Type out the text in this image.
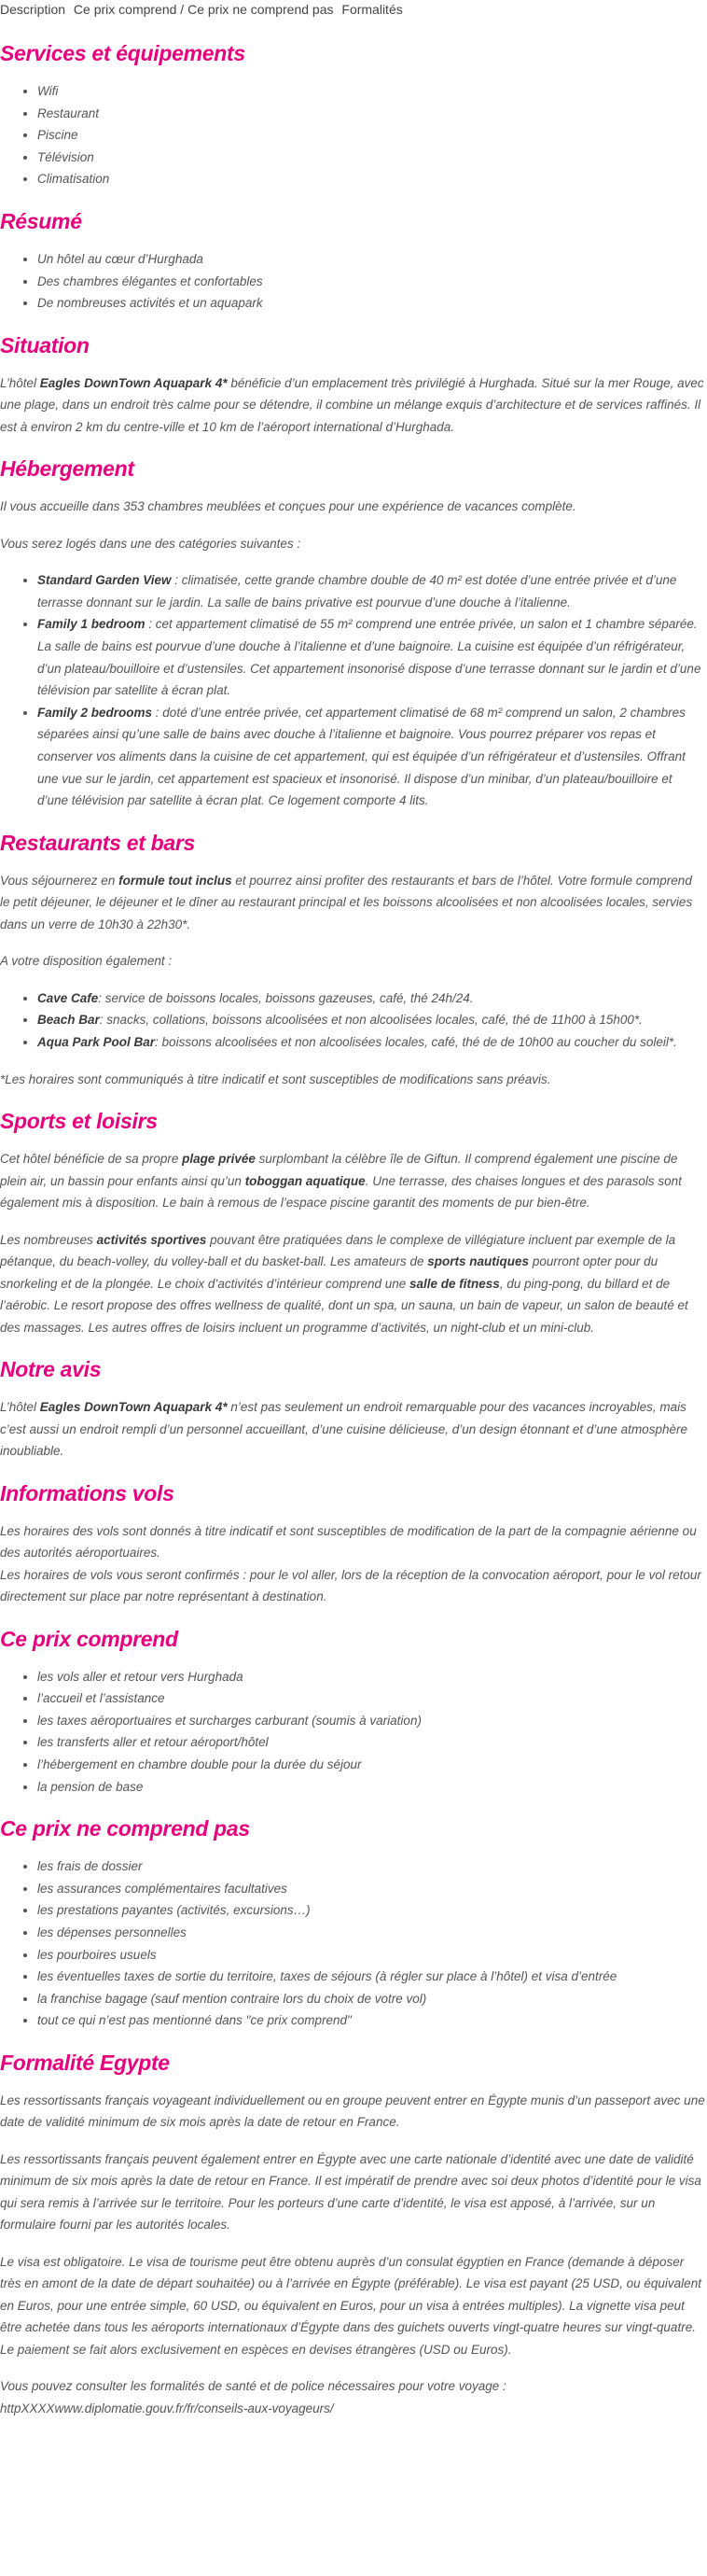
Description Ce prix comprend / Ce prix ne comprend pas Formalités
Services et équipements
• Wifi
• Restaurant
• Piscine
• Télévision
• Climatisation
Résumé
• Un hôtel au cœur d’Hurghada
• Des chambres élégantes et confortables
• De nombreuses activités et un aquapark
Situation

L’hôtel Eagles DownTown Aquapark 4* bénéficie d’un emplacement très privilégié à Hurghada. Situé sur la mer Rouge, avec une plage, dans un endroit très calme pour se détendre, il combine un mélange exquis d’architecture et de services raffinés. Il est à environ 2 km du centre-ville et 10 km de l’aéroport international d’Hurghada.

Hébergement

Il vous accueille dans 353 chambres meublées et conçues pour une expérience de vacances complète.

Vous serez logés dans une des catégories suivantes :

• Standard Garden View : climatisée, cette grande chambre double de 40 m² est dotée d’une entrée privée et d’une terrasse donnant sur le jardin. La salle de bains privative est pourvue d’une douche à l’italienne.
• Family 1 bedroom : cet appartement climatisé de 55 m² comprend une entrée privée, un salon et 1 chambre séparée. La salle de bains est pourvue d’une douche à l’italienne et d’une baignoire. La cuisine est équipée d’un réfrigérateur, d’un plateau/bouilloire et d’ustensiles. Cet appartement insonorisé dispose d’une terrasse donnant sur le jardin et d’une télévision par satellite à écran plat.
• Family 2 bedrooms : doté d’une entrée privée, cet appartement climatisé de 68 m² comprend un salon, 2 chambres séparées ainsi qu’une salle de bains avec douche à l’italienne et baignoire. Vous pourrez préparer vos repas et conserver vos aliments dans la cuisine de cet appartement, qui est équipée d’un réfrigérateur et d’ustensiles. Offrant une vue sur le jardin, cet appartement est spacieux et insonorisé. Il dispose d’un minibar, d’un plateau/bouilloire et d’une télévision par satellite à écran plat. Ce logement comporte 4 lits.
Restaurants et bars

Vous séjournerez en formule tout inclus et pourrez ainsi profiter des restaurants et bars de l’hôtel. Votre formule comprend le petit déjeuner, le déjeuner et le dîner au restaurant principal et les boissons alcoolisées et non alcoolisées locales, servies dans un verre de 10h30 à 22h30*.

A votre disposition également :

• Cave Cafe: service de boissons locales, boissons gazeuses, café, thé 24h/24.
• Beach Bar: snacks, collations, boissons alcoolisées et non alcoolisées locales, café, thé de 11h00 à 15h00*.
• Aqua Park Pool Bar: boissons alcoolisées et non alcoolisées locales, café, thé de de 10h00 au coucher du soleil*.

*Les horaires sont communiqués à titre indicatif et sont susceptibles de modifications sans préavis.

Sports et loisirs

Cet hôtel bénéficie de sa propre plage privée surplombant la célèbre île de Giftun. Il comprend également une piscine de plein air, un bassin pour enfants ainsi qu’un toboggan aquatique. Une terrasse, des chaises longues et des parasols sont également mis à disposition. Le bain à remous de l’espace piscine garantit des moments de pur bien-être.

Les nombreuses activités sportives pouvant être pratiquées dans le complexe de villégiature incluent par exemple de la pétanque, du beach-volley, du volley-ball et du basket-ball. Les amateurs de sports nautiques pourront opter pour du snorkeling et de la plongée. Le choix d’activités d’intérieur comprend une salle de fitness, du ping-pong, du billard et de l’aérobic. Le resort propose des offres wellness de qualité, dont un spa, un sauna, un bain de vapeur, un salon de beauté et des massages. Les autres offres de loisirs incluent un programme d’activités, un night-club et un mini-club.

Notre avis

L’hôtel Eagles DownTown Aquapark 4* n’est pas seulement un endroit remarquable pour des vacances incroyables, mais c’est aussi un endroit rempli d’un personnel accueillant, d’une cuisine délicieuse, d’un design étonnant et d’une atmosphère inoubliable.

Informations vols

Les horaires des vols sont donnés à titre indicatif et sont susceptibles de modification de la part de la compagnie aérienne ou des autorités aéroportuaires.
Les horaires de vols vous seront confirmés : pour le vol aller, lors de la réception de la convocation aéroport, pour le vol retour directement sur place par notre représentant à destination.

Ce prix comprend
• les vols aller et retour vers Hurghada
• l’accueil et l’assistance
• les taxes aéroportuaires et surcharges carburant (soumis à variation)
• les transferts aller et retour aéroport/hôtel
• l’hébergement en chambre double pour la durée du séjour
• la pension de base
Ce prix ne comprend pas
• les frais de dossier
• les assurances complémentaires facultatives
• les prestations payantes (activités, excursions…)
• les dépenses personnelles
• les pourboires usuels
• les éventuelles taxes de sortie du territoire, taxes de séjours (à régler sur place à l’hôtel) et visa d’entrée
• la franchise bagage (sauf mention contraire lors du choix de votre vol)
• tout ce qui n’est pas mentionné dans "ce prix comprend"
Formalité Egypte

Les ressortissants français voyageant individuellement ou en groupe peuvent entrer en Égypte munis d’un passeport avec une date de validité minimum de six mois après la date de retour en France.

Les ressortissants français peuvent également entrer en Égypte avec une carte nationale d’identité avec une date de validité minimum de six mois après la date de retour en France. Il est impératif de prendre avec soi deux photos d’identité pour le visa qui sera remis à l’arrivée sur le territoire. Pour les porteurs d’une carte d’identité, le visa est apposé, à l’arrivée, sur un formulaire fourni par les autorités locales.

Le visa est obligatoire. Le visa de tourisme peut être obtenu auprès d’un consulat égyptien en France (demande à déposer très en amont de la date de départ souhaitée) ou à l’arrivée en Égypte (préférable). Le visa est payant (25 USD, ou équivalent en Euros, pour une entrée simple, 60 USD, ou équivalent en Euros, pour un visa à entrées multiples). La vignette visa peut être achetée dans tous les aéroports internationaux d’Égypte dans des guichets ouverts vingt-quatre heures sur vingt-quatre. Le paiement se fait alors exclusivement en espèces en devises étrangères (USD ou Euros).

Vous pouvez consulter les formalités de santé et de police nécessaires pour votre voyage :
httpXXXXwww.diplomatie.gouv.fr/fr/conseils-aux-voyageurs/
